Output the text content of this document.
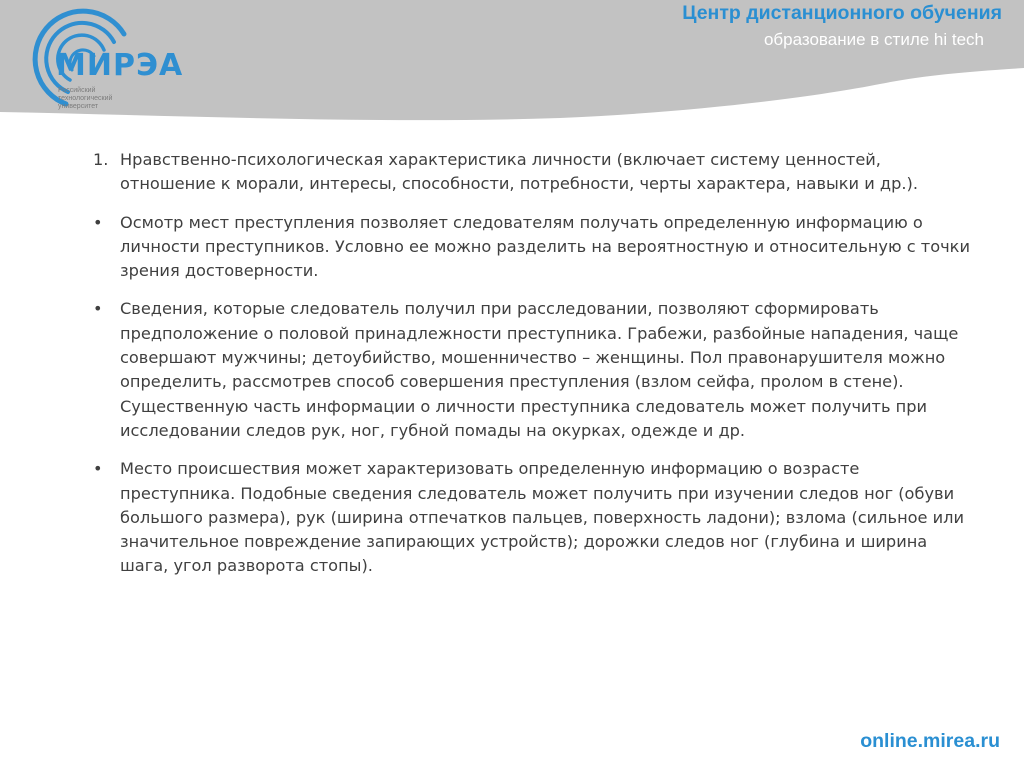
МИРЭА
Российский технологический университет
Центр дистанционного обучения
образование в стиле hi tech
1. Нравственно-психологическая характеристика личности (включает систему ценностей, отношение к морали, интересы, способности, потребности, черты характера, навыки и др.).
• Осмотр мест преступления позволяет следователям получать определенную информацию о личности преступников. Условно ее можно разделить на вероятностную и относительную с точки зрения достоверности.
• Сведения, которые следователь получил при расследовании, позволяют сформировать предположение о половой принадлежности преступника. Грабежи, разбойные нападения, чаще совершают мужчины; детоубийство, мошенничество – женщины. Пол правонарушителя можно определить, рассмотрев способ совершения преступления (взлом сейфа, пролом в стене). Существенную часть информации о личности преступника следователь может получить при исследовании следов рук, ног, губной помады на окурках, одежде и др.
• Место происшествия может характеризовать определенную информацию о возрасте преступника. Подобные сведения следователь может получить при изучении следов ног (обуви большого размера), рук (ширина отпечатков пальцев, поверхность ладони); взлома (сильное или значительное повреждение запирающих устройств); дорожки следов ног (глубина и ширина шага, угол разворота стопы).
online.mirea.ru
